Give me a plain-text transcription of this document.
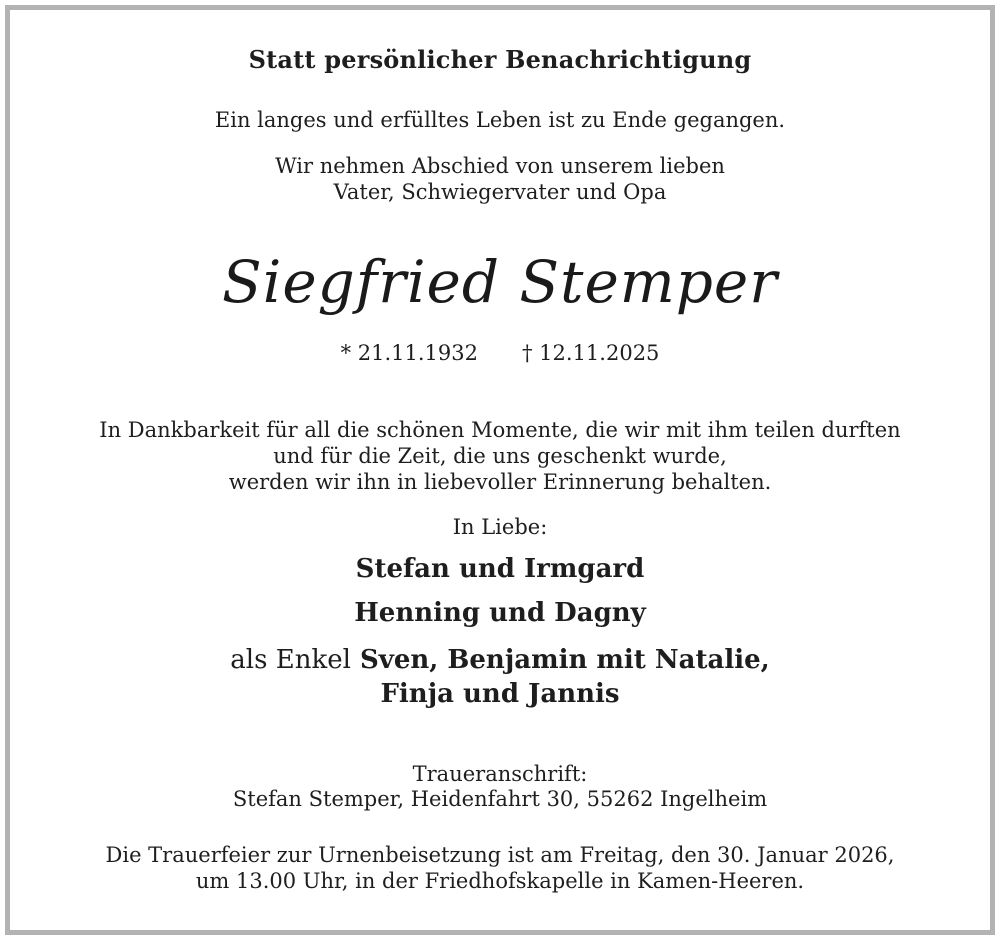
Statt persönlicher Benachrichtigung

Ein langes und erfülltes Leben ist zu Ende gegangen.

Wir nehmen Abschied von unserem lieben

Vater, Schwiegervater und Opa

Siegfried Stemper

* 21.11.1932 † 12.11.2025

In Dankbarkeit für all die schönen Momente, die wir mit ihm teilen durften

und für die Zeit, die uns geschenkt wurde,

werden wir ihn in liebevoller Erinnerung behalten.

In Liebe:

Stefan und Irmgard

Henning und Dagny

als Enkel Sven, Benjamin mit Natalie,

Finja und Jannis

Traueranschrift:

Stefan Stemper, Heidenfahrt 30, 55262 Ingelheim

Die Trauerfeier zur Urnenbeisetzung ist am Freitag, den 30. Januar 2026,

um 13.00 Uhr, in der Friedhofskapelle in Kamen-Heeren.
